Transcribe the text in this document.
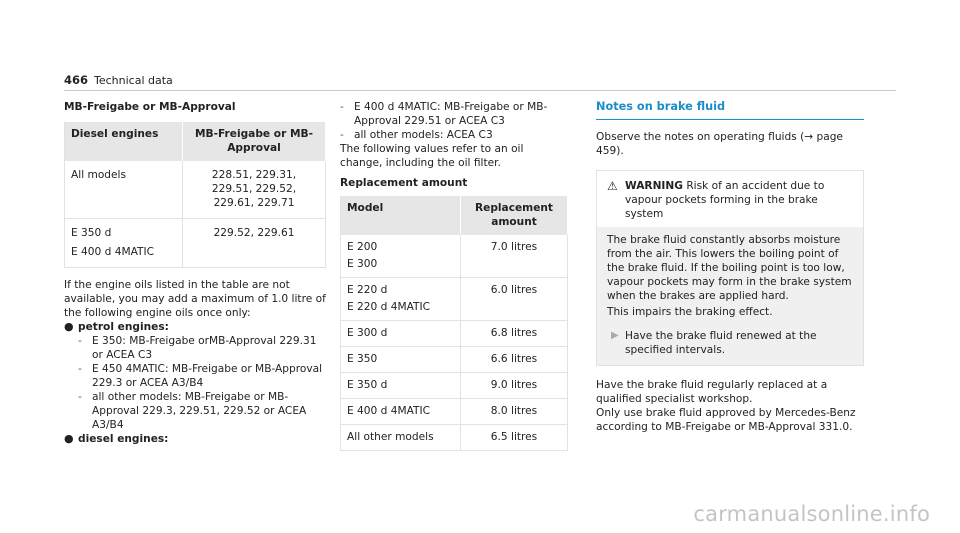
466 Technical data
MB-Freigabe or MB-Approval
Diesel engines	MB-Freigabe or MB-Approval

All models	228.51, 229.31, 229.51, 229.52, 229.61, 229.71

E 350 d
E 400 d 4MATIC	229.52, 229.61

If the engine oils listed in the table are not available, you may add a maximum of 1.0 litre of the following engine oils once only:

● petrol engines:
- E 350: MB-Freigabe orMB-Approval 229.31 or ACEA C3
- E 450 4MATIC: MB-Freigabe or MB-Approval 229.3 or ACEA A3/B4
- all other models: MB-Freigabe or MB-Approval 229.3, 229.51, 229.52 or ACEA A3/B4
● diesel engines:
- E 400 d 4MATIC: MB-Freigabe or MB-Approval 229.51 or ACEA C3
- all other models: ACEA C3

The following values refer to an oil change, including the oil filter.

Replacement amount
Model	Replacement amount

E 200
E 300	7.0 litres

E 220 d
E 220 d 4MATIC	6.0 litres
E 300 d	6.8 litres
E 350	6.6 litres
E 350 d	9.0 litres
E 400 d 4MATIC	8.0 litres
All other models	6.5 litres
Notes on brake fluid

Observe the notes on operating fluids (→ page 459).

⚠ WARNING Risk of an accident due to vapour pockets forming in the brake system

The brake fluid constantly absorbs moisture from the air. This lowers the boiling point of the brake fluid. If the boiling point is too low, vapour pockets may form in the brake system when the brakes are applied hard.

This impairs the braking effect.

▶ Have the brake fluid renewed at the specified intervals.

Have the brake fluid regularly replaced at a qualified specialist workshop.

Only use brake fluid approved by Mercedes-Benz according to MB-Freigabe or MB-Approval 331.0.

carmanualsonline.info
